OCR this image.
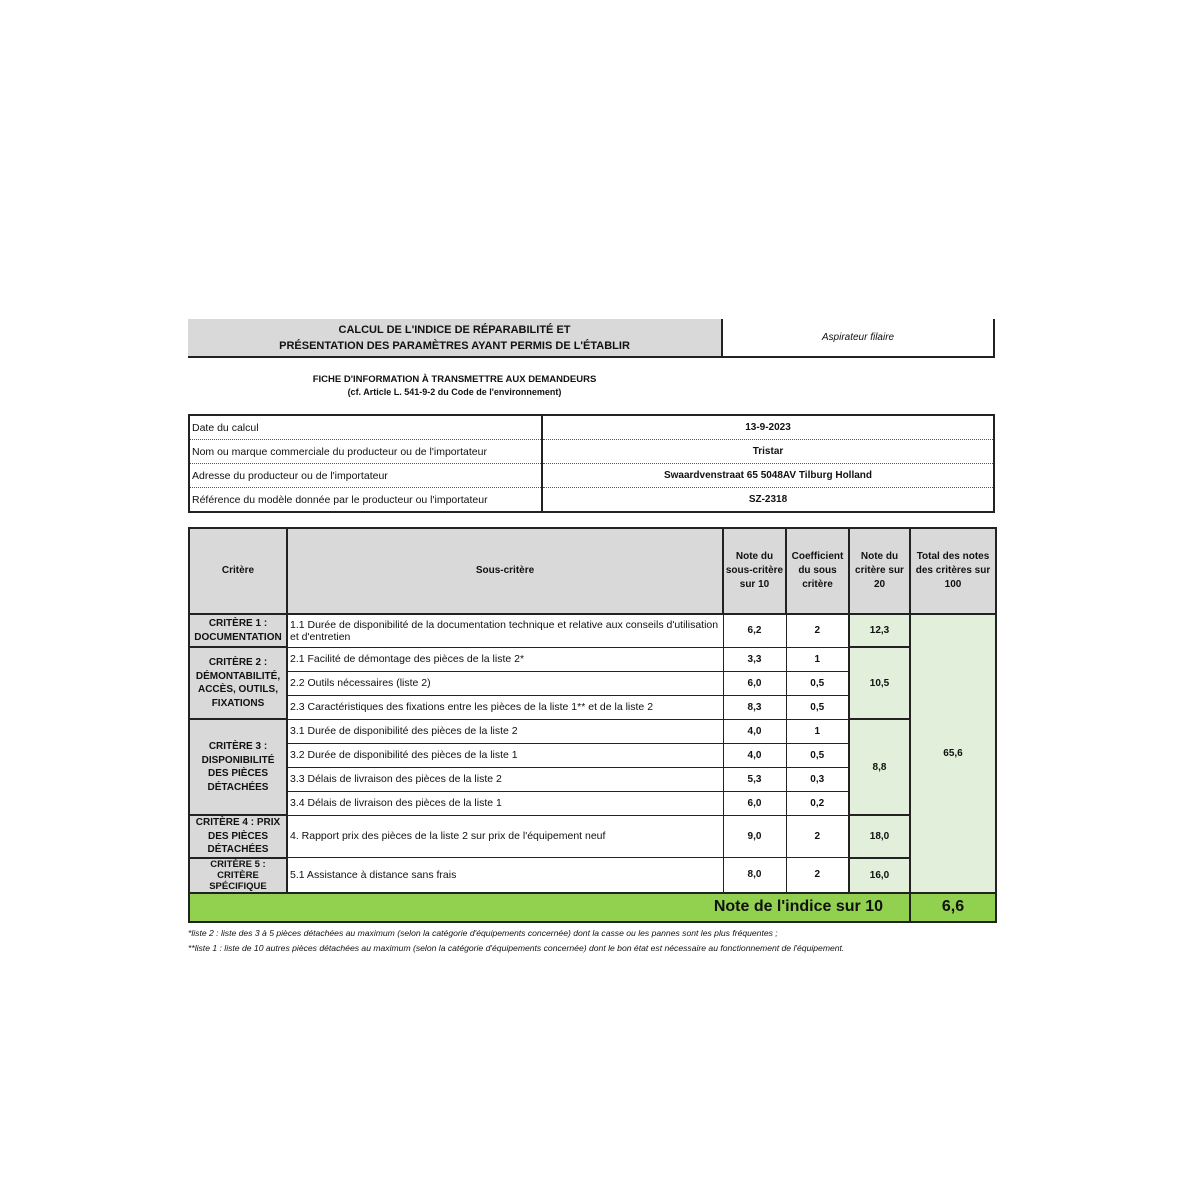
CALCUL DE L'INDICE DE RÉPARABILITÉ ET
PRÉSENTATION DES PARAMÈTRES AYANT PERMIS DE L'ÉTABLIR
Aspirateur filaire
FICHE D'INFORMATION À TRANSMETTRE AUX DEMANDEURS
(cf. Article L. 541-9-2 du Code de l'environnement)
Date du calcul	13-9-2023
Nom ou marque commerciale du producteur ou de l'importateur	Tristar
Adresse du producteur ou de l'importateur	Swaardvenstraat 65 5048AV Tilburg Holland
Référence du modèle donnée par le producteur ou l'importateur	SZ-2318
Critère	Sous-critère	Note du sous-critère sur 10	Coefficient du sous critère	Note du critère sur 20	Total des notes des critères sur 100
CRITÈRE 1 : DOCUMENTATION	1.1 Durée de disponibilité de la documentation technique et relative aux conseils d'utilisation et d'entretien	6,2	2	12,3	65,6
CRITÈRE 2 : DÉMONTABILITÉ, ACCÈS, OUTILS, FIXATIONS	2.1 Facilité de démontage des pièces de la liste 2*	3,3	1	10,5	
	2.2 Outils nécessaires (liste 2)	6,0	0,5		
	2.3 Caractéristiques des fixations entre les pièces de la liste 1** et de la liste 2	8,3	0,5		
CRITÈRE 3 : DISPONIBILITÉ DES PIÈCES DÉTACHÉES	3.1 Durée de disponibilité des pièces de la liste 2	4,0	1	8,8	
	3.2 Durée de disponibilité des pièces de la liste 1	4,0	0,5		
	3.3 Délais de livraison des pièces de la liste 2	5,3	0,3		
	3.4 Délais de livraison des pièces de la liste 1	6,0	0,2		
CRITÈRE 4 : PRIX DES PIÈCES DÉTACHÉES	4. Rapport prix des pièces de la liste 2 sur prix de l'équipement neuf	9,0	2	18,0	
CRITÈRE 5 : CRITÈRE SPÉCIFIQUE	5.1 Assistance à distance sans frais	8,0	2	16,0	
Note de l'indice sur 10					6,6
*liste 2 : liste des 3 à 5 pièces détachées au maximum (selon la catégorie d'équipements concernée) dont la casse ou les pannes sont les plus fréquentes ;
**liste 1 : liste de 10 autres pièces détachées au maximum (selon la catégorie d'équipements concernée) dont le bon état est nécessaire au fonctionnement de l'équipement.
